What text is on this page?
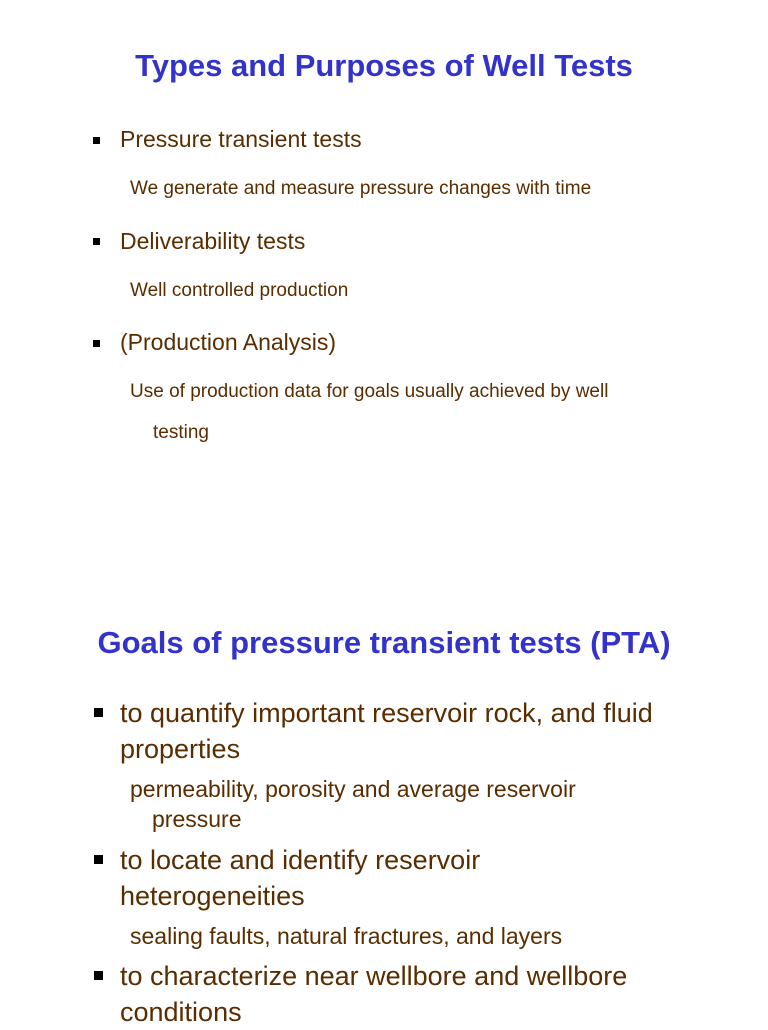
Types and Purposes of Well Tests
Pressure transient tests
We generate and measure pressure changes with time
Deliverability tests
Well controlled production
(Production Analysis)
Use of production data for goals usually achieved by well
testing
Goals of pressure transient tests (PTA)
to quantify important reservoir rock, and fluid
properties
permeability, porosity and average reservoir
pressure
to locate and identify reservoir
heterogeneities
sealing faults, natural fractures, and layers
to characterize near wellbore and wellbore
conditions
